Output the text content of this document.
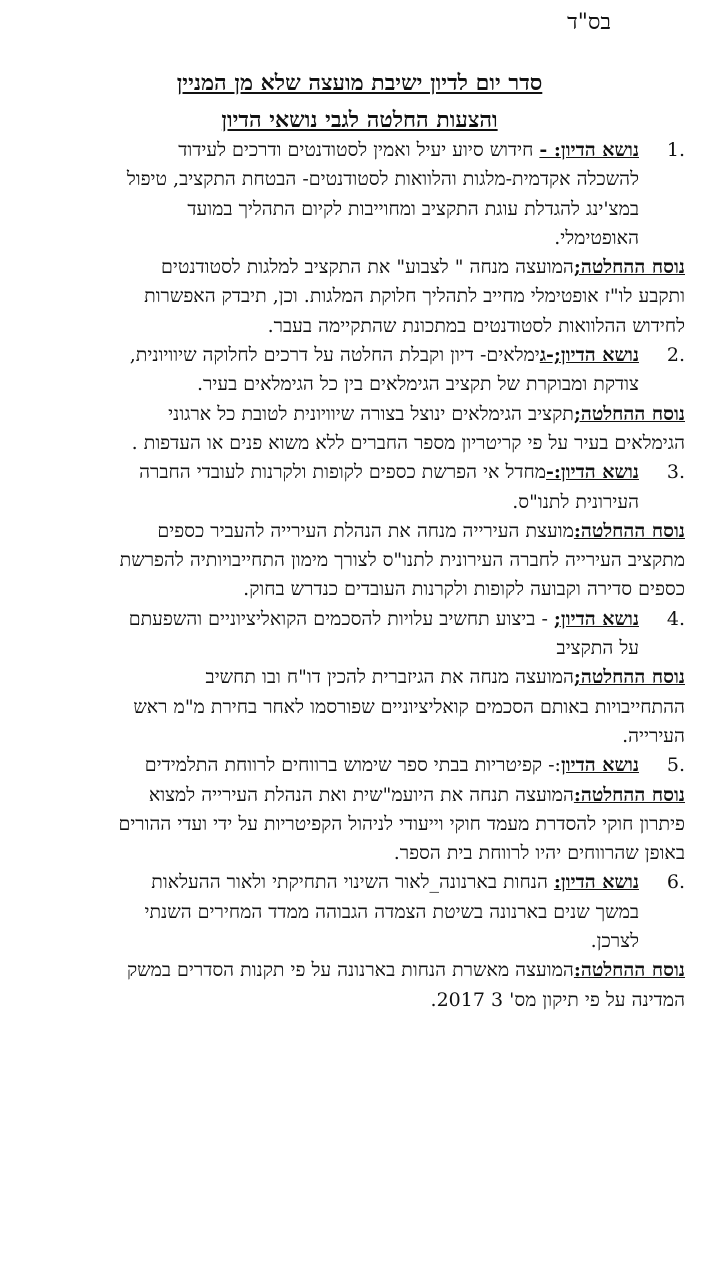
בס"ד
סדר יום לדיון ישיבת מועצה שלא מן המניין
והצעות החלטה לגבי נושאי הדיון
1.
נושא הדיון: - חידוש סיוע יעיל ואמין לסטודנטים ודרכים לעידוד להשכלה אקדמית-מלגות והלוואות לסטודנטים- הבטחת התקציב, טיפול במצ'ינג להגדלת עוגת התקציב ומחוייבות לקיום התהליך במועד האופטימלי.
נוסח ההחלטה;המועצה מנחה " לצבוע" את התקציב למלגות לסטודנטים ותקבע לו"ז אופטימלי מחייב לתהליך חלוקת המלגות. וכן, תיבדק האפשרות לחידוש ההלוואות לסטודנטים במתכונת שהתקיימה בעבר.
2.
נושא הדיון;-גימלאים- דיון וקבלת החלטה על דרכים לחלוקה שיוויונית, צודקת ומבוקרת של תקציב הגימלאים בין כל הגימלאים בעיר.
נוסח ההחלטה;תקציב הגימלאים ינוצל בצורה שיוויונית לטובת כל ארגוני הגימלאים בעיר על פי קריטריון מספר החברים ללא משוא פנים או העדפות .
3.
נושא הדיון:-מחדל אי הפרשת כספים לקופות ולקרנות לעובדי החברה העירונית לתנו"ס.
נוסח ההחלטה:מועצת העירייה מנחה את הנהלת העירייה להעביר כספים מתקציב העירייה לחברה העירונית לתנו"ס לצורך מימון התחייבויותיה להפרשת כספים סדירה וקבועה לקופות ולקרנות העובדים כנדרש בחוק.
4.
נושא הדיון; - ביצוע תחשיב עלויות להסכמים הקואליציוניים והשפעתם על התקציב
נוסח ההחלטה;המועצה מנחה את הגיזברית להכין דו"ח ובו תחשיב ההתחייבויות באותם הסכמים קואליציוניים שפורסמו לאחר בחירת מ"מ ראש העירייה.
5.
נושא הדיון:- קפיטריות בבתי ספר שימוש ברווחים לרווחת התלמידים
נוסח ההחלטה:המועצה תנחה את היועמ"שית ואת הנהלת העירייה למצוא פיתרון חוקי להסדרת מעמד חוקי וייעודי לניהול הקפיטריות על ידי ועדי ההורים באופן שהרווחים יהיו לרווחת בית הספר.
6.
נושא הדיון: הנחות בארנונה_לאור השינוי התחיקתי ולאור ההעלאות במשך שנים בארנונה בשיטת הצמדה הגבוהה ממדד המחירים השנתי לצרכן.
נוסח ההחלטה:המועצה מאשרת הנחות בארנונה על פי תקנות הסדרים במשק המדינה על פי תיקון מס' 3 2017.
